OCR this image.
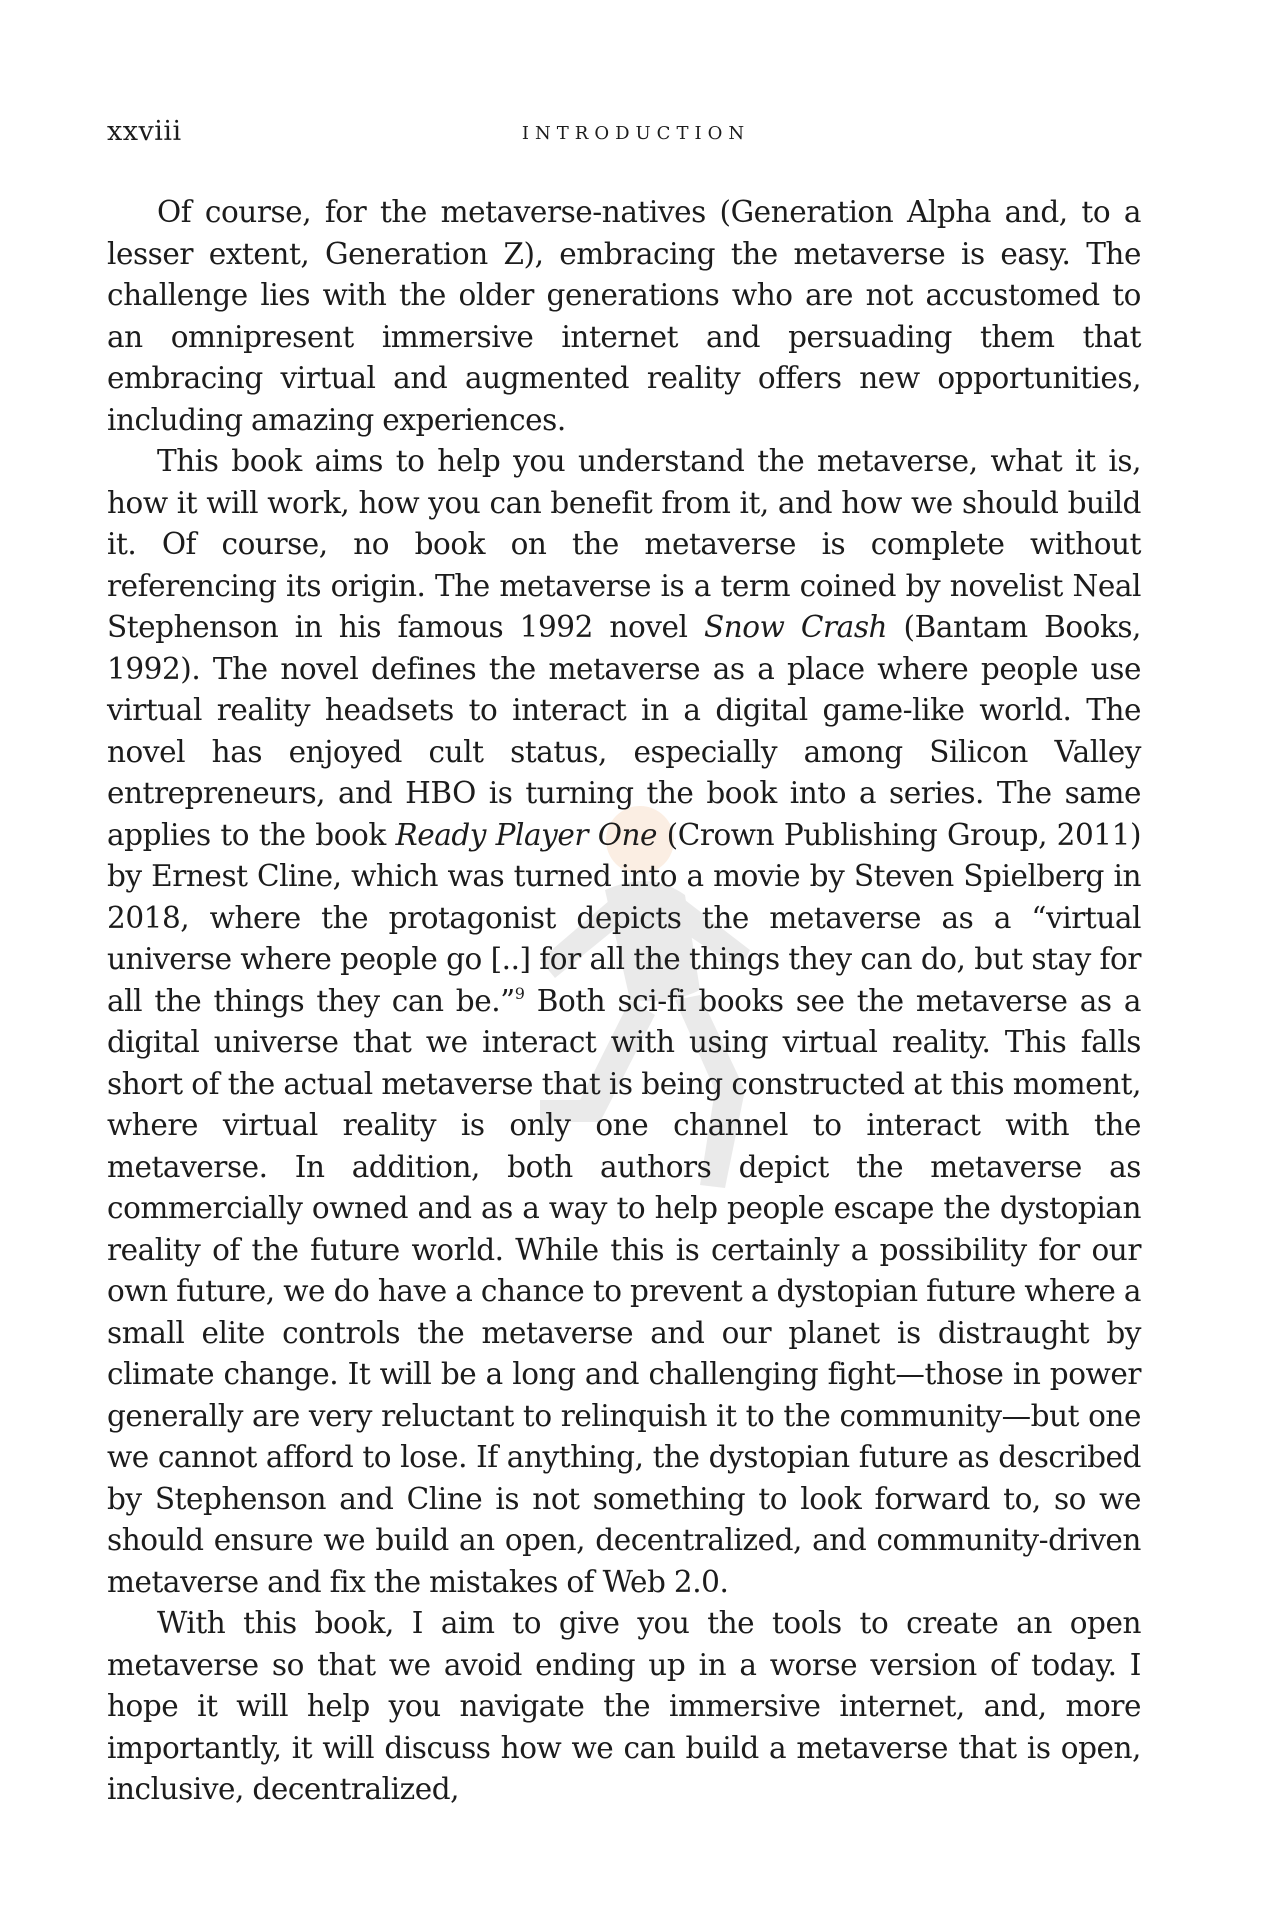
xxviii	INTRODUCTION

Of course, for the metaverse-natives (Generation Alpha and, to a lesser extent, Generation Z), embracing the metaverse is easy. The challenge lies with the older generations who are not accustomed to an omnipresent immersive internet and persuading them that embracing virtual and augmented reality offers new opportunities, including amazing experiences.

This book aims to help you understand the metaverse, what it is, how it will work, how you can benefit from it, and how we should build it. Of course, no book on the metaverse is complete without referencing its origin. The metaverse is a term coined by novelist Neal Stephenson in his famous 1992 novel Snow Crash (Bantam Books, 1992). The novel defines the metaverse as a place where people use virtual reality headsets to interact in a digital game-like world. The novel has enjoyed cult status, especially among Silicon Valley entrepreneurs, and HBO is turning the book into a series. The same applies to the book Ready Player One (Crown Publishing Group, 2011) by Ernest Cline, which was turned into a movie by Steven Spielberg in 2018, where the protagonist depicts the metaverse as a “virtual universe where people go [..] for all the things they can do, but stay for all the things they can be.”$^9$ Both sci-fi books see the metaverse as a digital universe that we interact with using virtual reality. This falls short of the actual metaverse that is being constructed at this moment, where virtual reality is only one channel to interact with the metaverse. In addition, both authors depict the metaverse as commercially owned and as a way to help people escape the dystopian reality of the future world. While this is certainly a possibility for our own future, we do have a chance to prevent a dystopian future where a small elite controls the metaverse and our planet is distraught by climate change. It will be a long and challenging fight—those in power generally are very reluctant to relinquish it to the community—but one we cannot afford to lose. If anything, the dystopian future as described by Stephenson and Cline is not something to look forward to, so we should ensure we build an open, decentralized, and community-driven metaverse and fix the mistakes of Web 2.0.

With this book, I aim to give you the tools to create an open metaverse so that we avoid ending up in a worse version of today. I hope it will help you navigate the immersive internet, and, more importantly, it will discuss how we can build a metaverse that is open, inclusive, decentralized,
